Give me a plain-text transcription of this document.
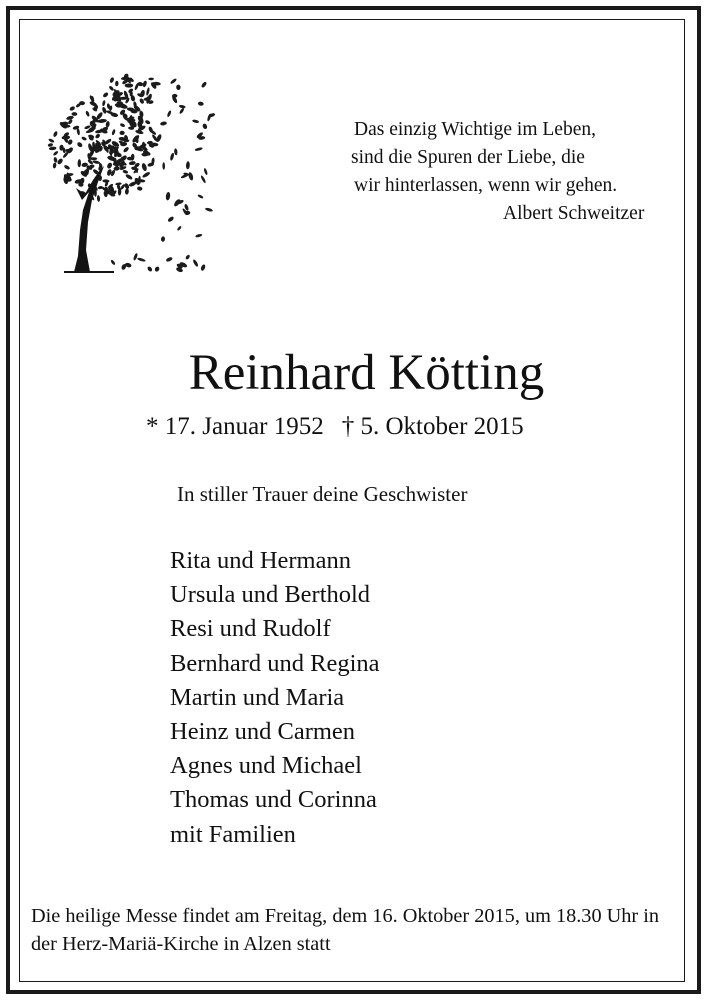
Das einzig Wichtige im Leben,
sind die Spuren der Liebe, die
wir hinterlassen, wenn wir gehen.
Albert Schweitzer
Reinhard Kötting
* 17. Januar 1952 † 5. Oktober 2015
In stiller Trauer deine Geschwister
Rita und Hermann
Ursula und Berthold
Resi und Rudolf
Bernhard und Regina
Martin und Maria
Heinz und Carmen
Agnes und Michael
Thomas und Corinna
mit Familien
Die heilige Messe findet am Freitag, dem 16. Oktober 2015, um 18.30 Uhr in der Herz-Mariä-Kirche in Alzen statt
